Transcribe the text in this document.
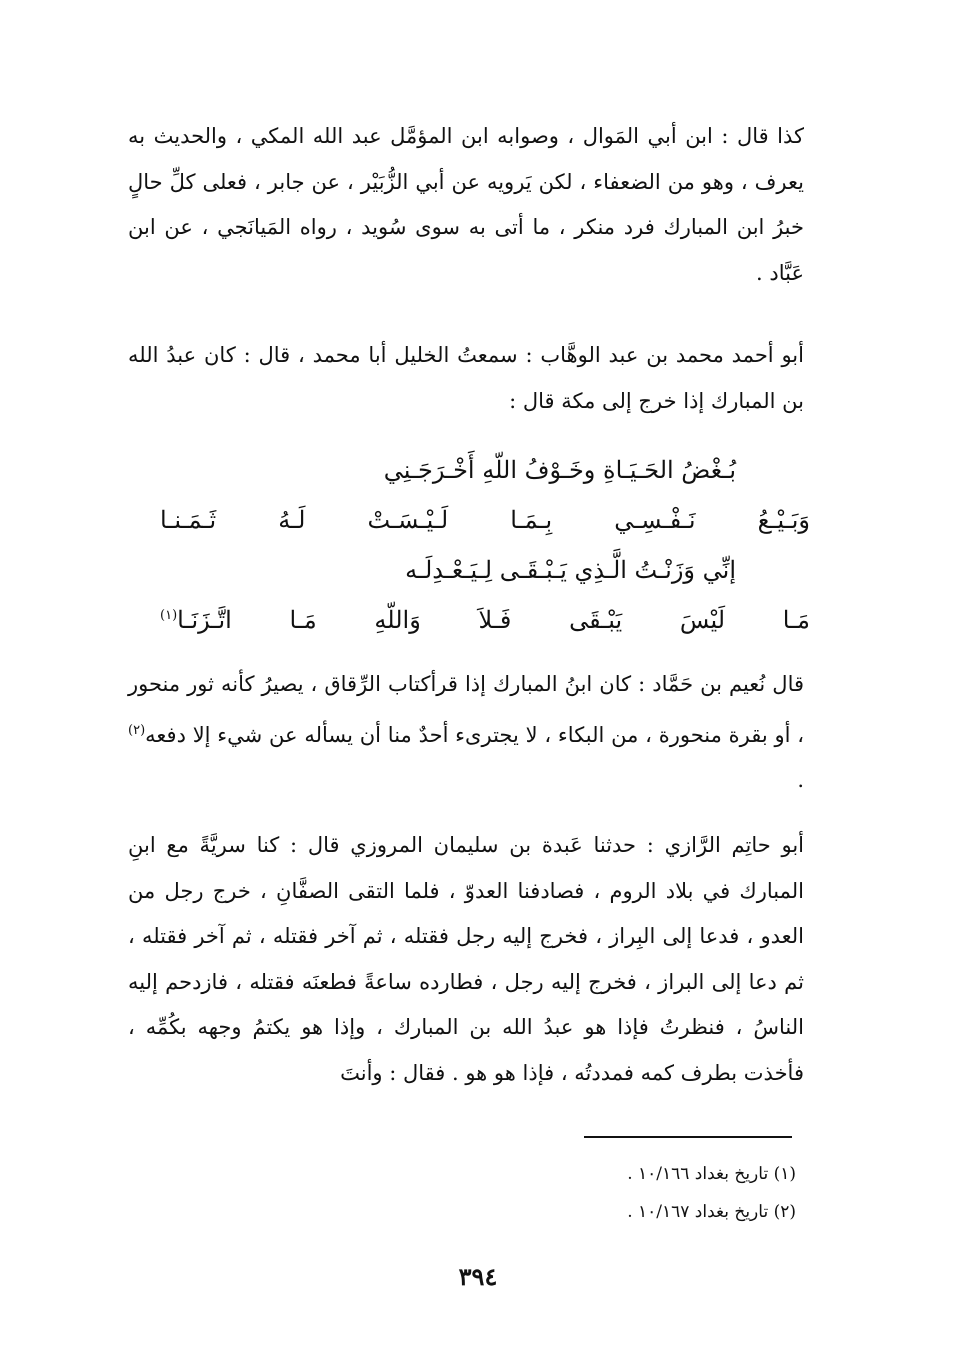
كذا قال : ابن أبي المَوال ، وصوابه ابن المؤمَّل عبد الله المكي ، والحديث به يعرف ، وهو من الضعفاء ، لكن يَرويه عن أبي الزُّبَيْر ، عن جابر ، فعلى كلِّ حالٍ خبرُ ابن المبارك فرد منكر ، ما أتى به سوى سُويد ، رواه المَيانَجي ، عن ابن عَبَّاد .
أبو أحمد محمد بن عبد الوهَّاب : سمعتُ الخليل أبا محمد ، قال : كان عبدُ الله بن المبارك إذا خرج إلى مكة قال :
بُـغْضُ الحَـيَـاةِ وخَـوْفُ اللّهِ أَخْـرَجَـنِي
وَبَـيْـعُ نَـفْـسِـي بِـمَـا لَـيْـسَـتْ لَـهُ ثَـمَـنـا
إنِّي وَزَنْـتُ الَّـذِي يَـبْـقَـى لِـيَـعْـدِلَـه
مَـا لَيْسَ يَبْـقَى فَـلاَ وَاللّهِ مَـا اتَّـزَنَـا$^{(١)}$
قال نُعيم بن حَمَّاد : كان ابنُ المبارك إذا قرأكتاب الرِّقاق ، يصيرُ كأنه ثور منحور ، أو بقرة منحورة ، من البكاء ، لا يجترىء أحدٌ منا أن يسأله عن شيء إلا دفعه$^{(٢)}$ .
أبو حاتِم الرَّازي : حدثنا عَبدة بن سليمان المروزي قال : كنا سريَّةً مع ابنِ المبارك في بلاد الروم ، فصادفنا العدوّ ، فلما التقى الصفَّانِ ، خرج رجل من العدو ، فدعا إلى البِراز ، فخرج إليه رجل فقتله ، ثم آخر فقتله ، ثم آخر فقتله ، ثم دعا إلى البراز ، فخرج إليه رجل ، فطارده ساعةً فطعنَه فقتله ، فازدحم إليه الناسُ ، فنظرتُ فإذا هو عبدُ الله بن المبارك ، وإذا هو يكتمُ وجهه بكُمِّه ، فأخذت بطرف كمه فمددتُه ، فإذا هو هو . فقال : وأنتَ
(١) تاريخ بغداد ١٠/١٦٦ .
(٢) تاريخ بغداد ١٠/١٦٧ .
٣٩٤
